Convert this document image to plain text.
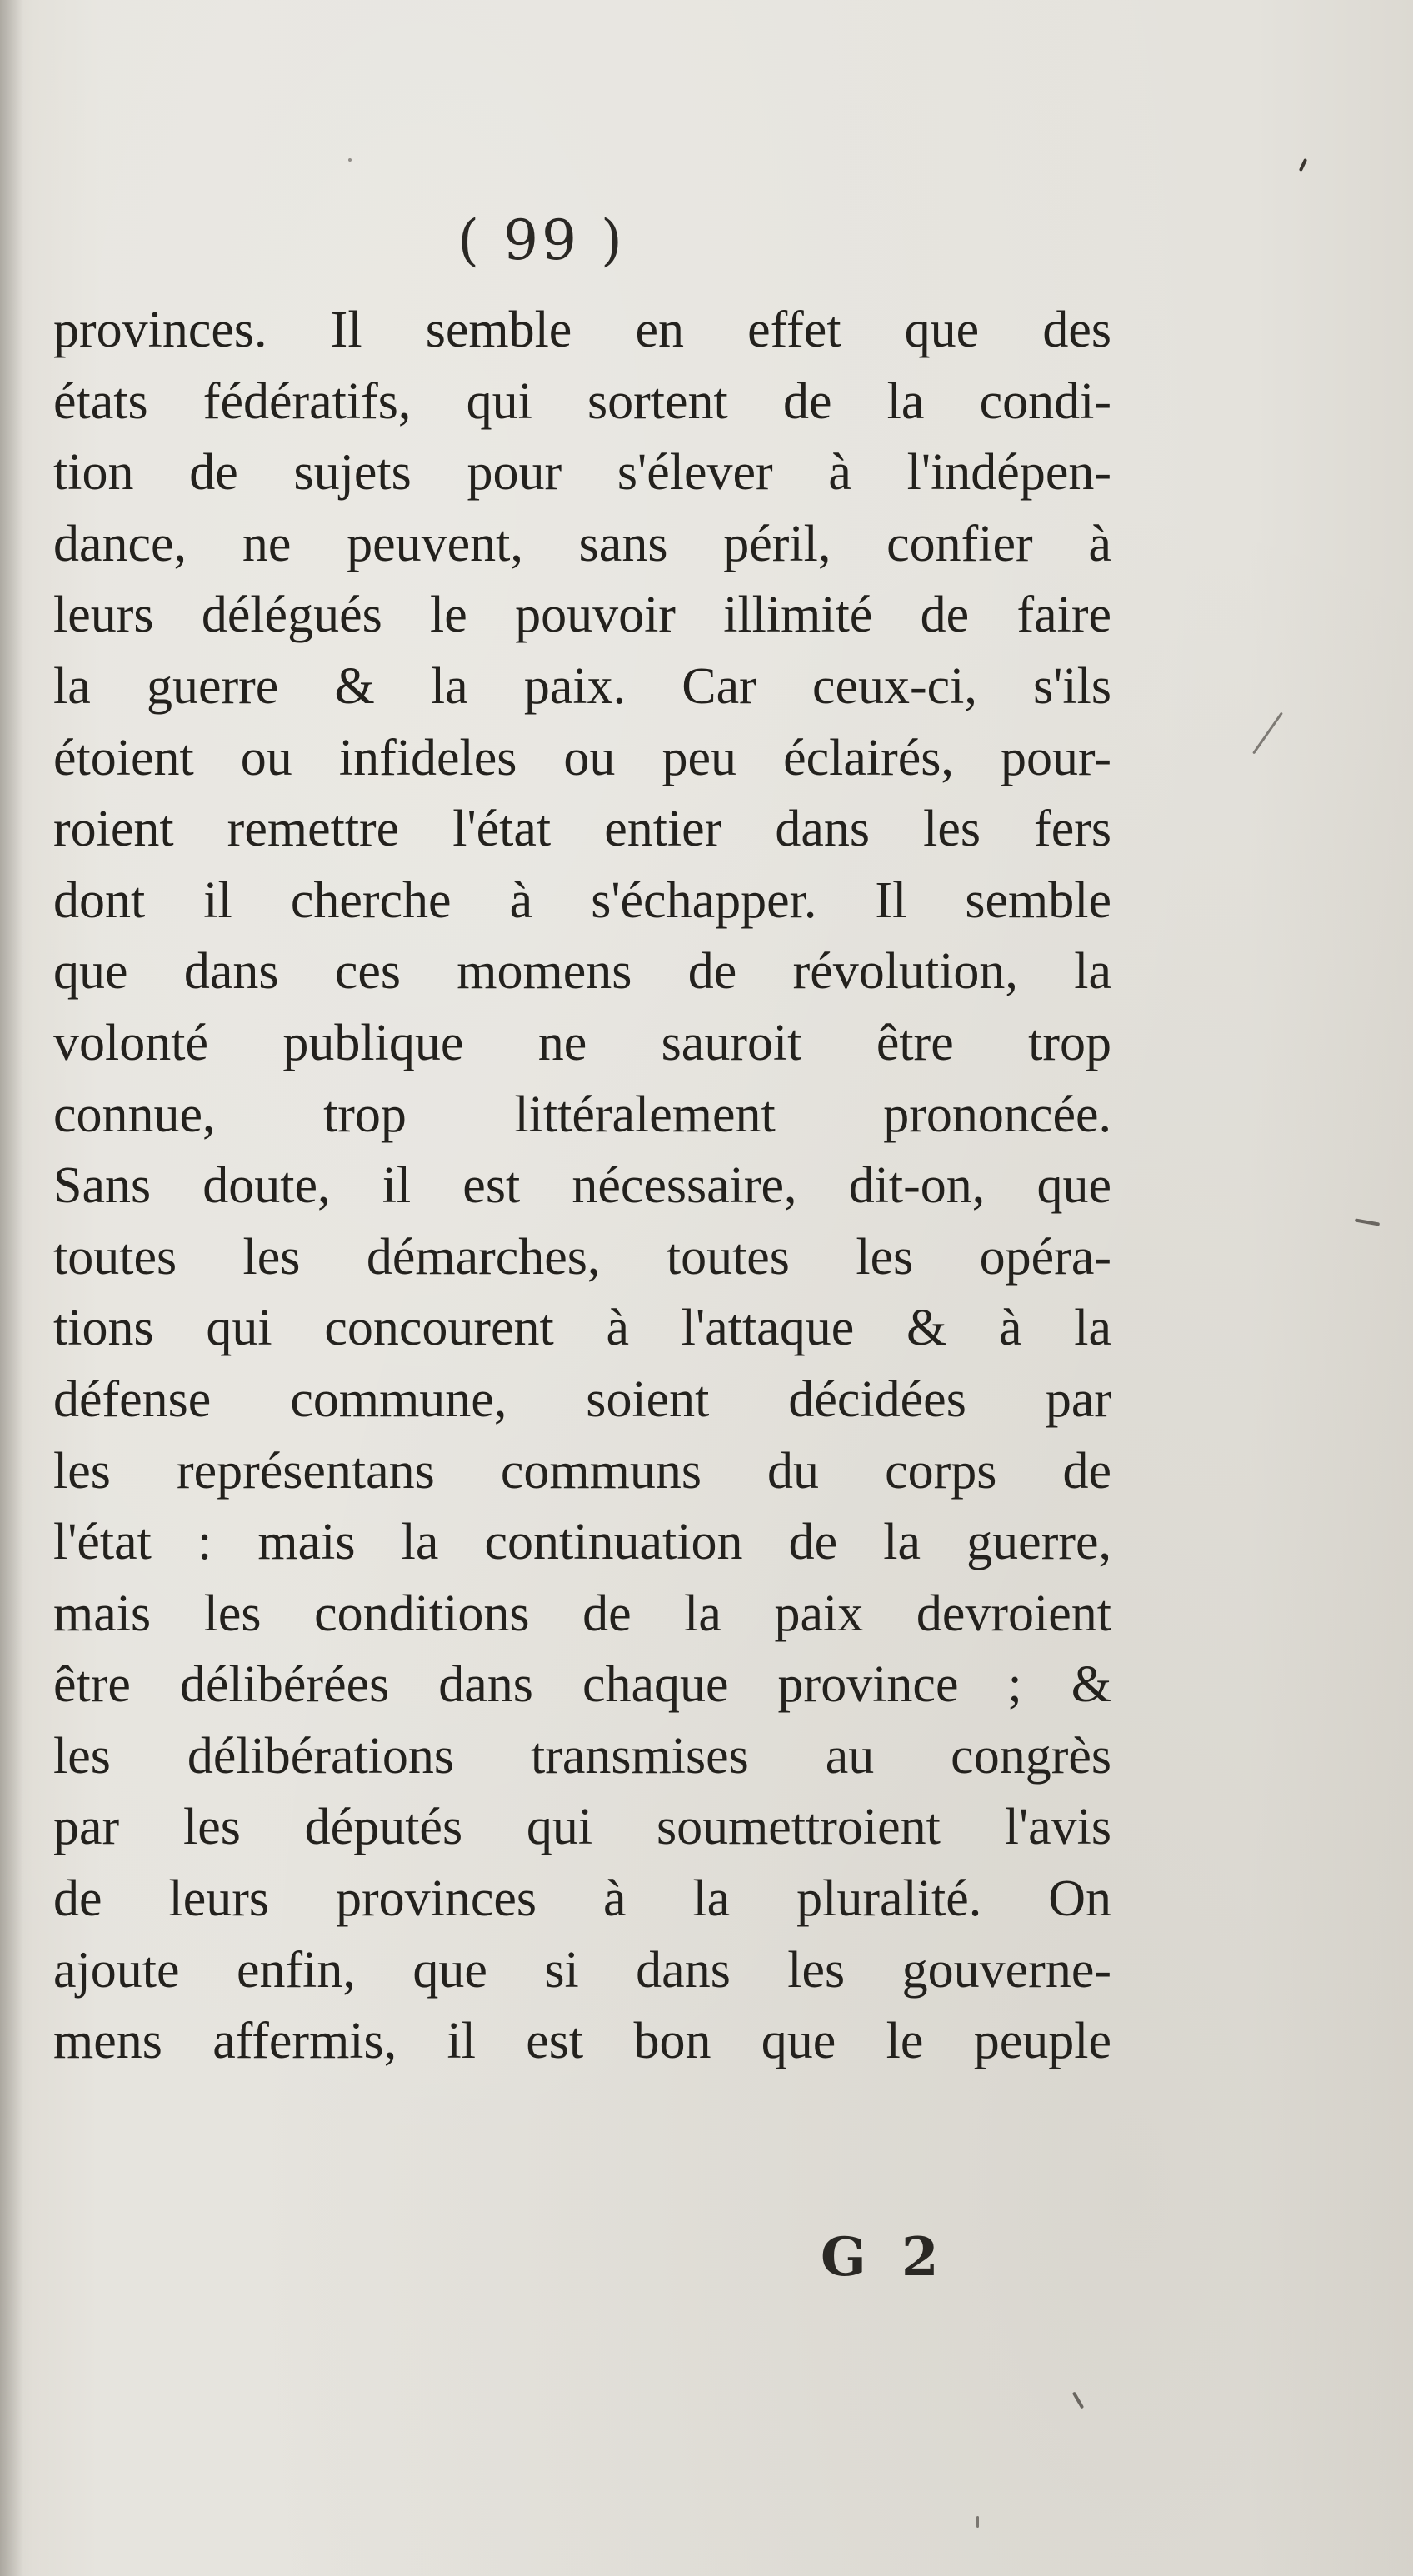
( 99 )
provinces. Il semble en effet que des
états fédératifs, qui sortent de la condi-
tion de sujets pour s'élever à l'indépen-
dance, ne peuvent, sans péril, confier à
leurs délégués le pouvoir illimité de faire
la guerre & la paix. Car ceux-ci, s'ils
étoient ou infideles ou peu éclairés, pour-
roient remettre l'état entier dans les fers
dont il cherche à s'échapper. Il semble
que dans ces momens de révolution, la
volonté publique ne sauroit être trop
connue, trop littéralement prononcée.
Sans doute, il est nécessaire, dit-on, que
toutes les démarches, toutes les opéra-
tions qui concourent à l'attaque & à la
défense commune, soient décidées par
les représentans communs du corps de
l'état : mais la continuation de la guerre,
mais les conditions de la paix devroient
être délibérées dans chaque province ; &
les délibérations transmises au congrès
par les députés qui soumettroient l'avis
de leurs provinces à la pluralité. On
ajoute enfin, que si dans les gouverne-
mens affermis, il est bon que le peuple
G 2
